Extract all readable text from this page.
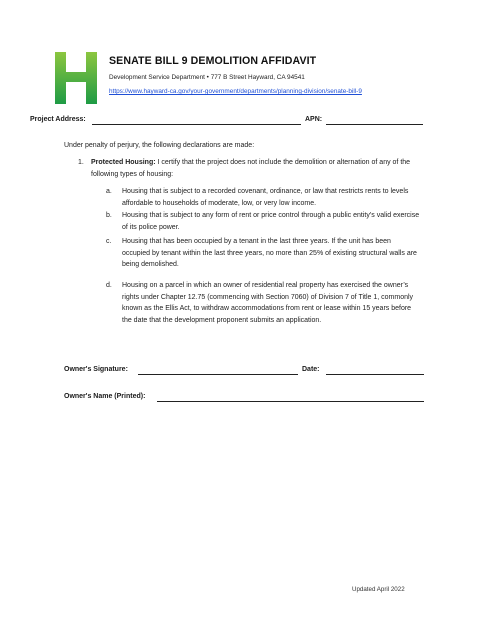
SENATE BILL 9 DEMOLITION AFFIDAVIT
Development Service Department • 777 B Street Hayward, CA 94541
https://www.hayward-ca.gov/your-government/departments/planning-division/senate-bill-9
Project Address:	APN:
Under penalty of perjury, the following declarations are made:
1. Protected Housing: I certify that the project does not include the demolition or alternation of any of the following types of housing:
a. Housing that is subject to a recorded covenant, ordinance, or law that restricts rents to levels affordable to households of moderate, low, or very low income.
b. Housing that is subject to any form of rent or price control through a public entity’s valid exercise of its police power.
c. Housing that has been occupied by a tenant in the last three years. If the unit has been occupied by tenant within the last three years, no more than 25% of existing structural walls are being demolished.
d. Housing on a parcel in which an owner of residential real property has exercised the owner’s rights under Chapter 12.75 (commencing with Section 7060) of Division 7 of Title 1, commonly known as the Ellis Act, to withdraw accommodations from rent or lease within 15 years before the date that the development proponent submits an application.
Owner's Signature:	Date:
Owner's Name (Printed):
Updated April 2022
